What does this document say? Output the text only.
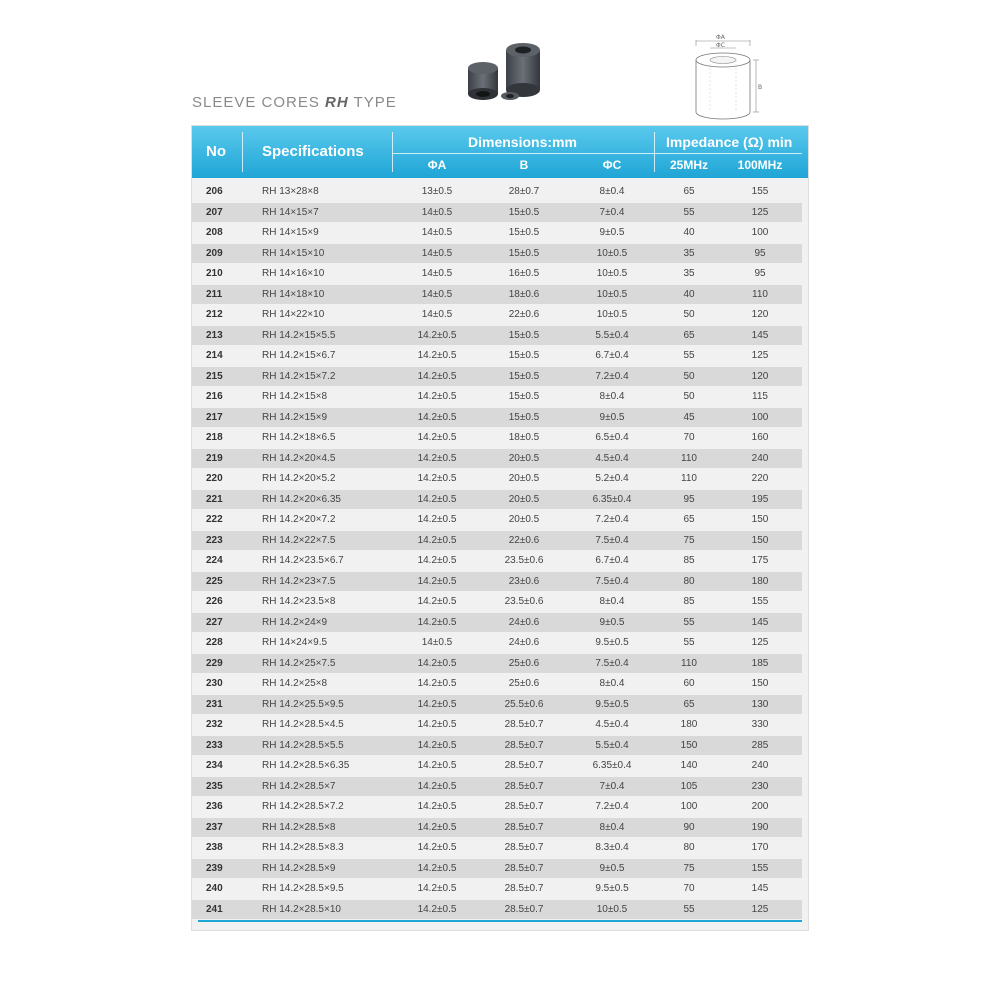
SLEEVE CORES RH TYPE
ΦA
ΦC
B
No Specifications
Dimensions:mm	Impedance (Ω) min
ΦA	B	ΦC	25MHz	100MHz
206	RH 13×28×8	13±0.5	28±0.7	8±0.4	65	155
207	RH 14×15×7	14±0.5	15±0.5	7±0.4	55	125
208	RH 14×15×9	14±0.5	15±0.5	9±0.5	40	100
209	RH 14×15×10	14±0.5	15±0.5	10±0.5	35	95
210	RH 14×16×10	14±0.5	16±0.5	10±0.5	35	95
211	RH 14×18×10	14±0.5	18±0.6	10±0.5	40	110
212	RH 14×22×10	14±0.5	22±0.6	10±0.5	50	120
213	RH 14.2×15×5.5	14.2±0.5	15±0.5	5.5±0.4	65	145
214	RH 14.2×15×6.7	14.2±0.5	15±0.5	6.7±0.4	55	125
215	RH 14.2×15×7.2	14.2±0.5	15±0.5	7.2±0.4	50	120
216	RH 14.2×15×8	14.2±0.5	15±0.5	8±0.4	50	115
217	RH 14.2×15×9	14.2±0.5	15±0.5	9±0.5	45	100
218	RH 14.2×18×6.5	14.2±0.5	18±0.5	6.5±0.4	70	160
219	RH 14.2×20×4.5	14.2±0.5	20±0.5	4.5±0.4	110	240
220	RH 14.2×20×5.2	14.2±0.5	20±0.5	5.2±0.4	110	220
221	RH 14.2×20×6.35	14.2±0.5	20±0.5	6.35±0.4	95	195
222	RH 14.2×20×7.2	14.2±0.5	20±0.5	7.2±0.4	65	150
223	RH 14.2×22×7.5	14.2±0.5	22±0.6	7.5±0.4	75	150
224	RH 14.2×23.5×6.7	14.2±0.5	23.5±0.6	6.7±0.4	85	175
225	RH 14.2×23×7.5	14.2±0.5	23±0.6	7.5±0.4	80	180
226	RH 14.2×23.5×8	14.2±0.5	23.5±0.6	8±0.4	85	155
227	RH 14.2×24×9	14.2±0.5	24±0.6	9±0.5	55	145
228	RH 14×24×9.5	14±0.5	24±0.6	9.5±0.5	55	125
229	RH 14.2×25×7.5	14.2±0.5	25±0.6	7.5±0.4	110	185
230	RH 14.2×25×8	14.2±0.5	25±0.6	8±0.4	60	150
231	RH 14.2×25.5×9.5	14.2±0.5	25.5±0.6	9.5±0.5	65	130
232	RH 14.2×28.5×4.5	14.2±0.5	28.5±0.7	4.5±0.4	180	330
233	RH 14.2×28.5×5.5	14.2±0.5	28.5±0.7	5.5±0.4	150	285
234	RH 14.2×28.5×6.35	14.2±0.5	28.5±0.7	6.35±0.4	140	240
235	RH 14.2×28.5×7	14.2±0.5	28.5±0.7	7±0.4	105	230
236	RH 14.2×28.5×7.2	14.2±0.5	28.5±0.7	7.2±0.4	100	200
237	RH 14.2×28.5×8	14.2±0.5	28.5±0.7	8±0.4	90	190
238	RH 14.2×28.5×8.3	14.2±0.5	28.5±0.7	8.3±0.4	80	170
239	RH 14.2×28.5×9	14.2±0.5	28.5±0.7	9±0.5	75	155
240	RH 14.2×28.5×9.5	14.2±0.5	28.5±0.7	9.5±0.5	70	145
241	RH 14.2×28.5×10	14.2±0.5	28.5±0.7	10±0.5	55	125
